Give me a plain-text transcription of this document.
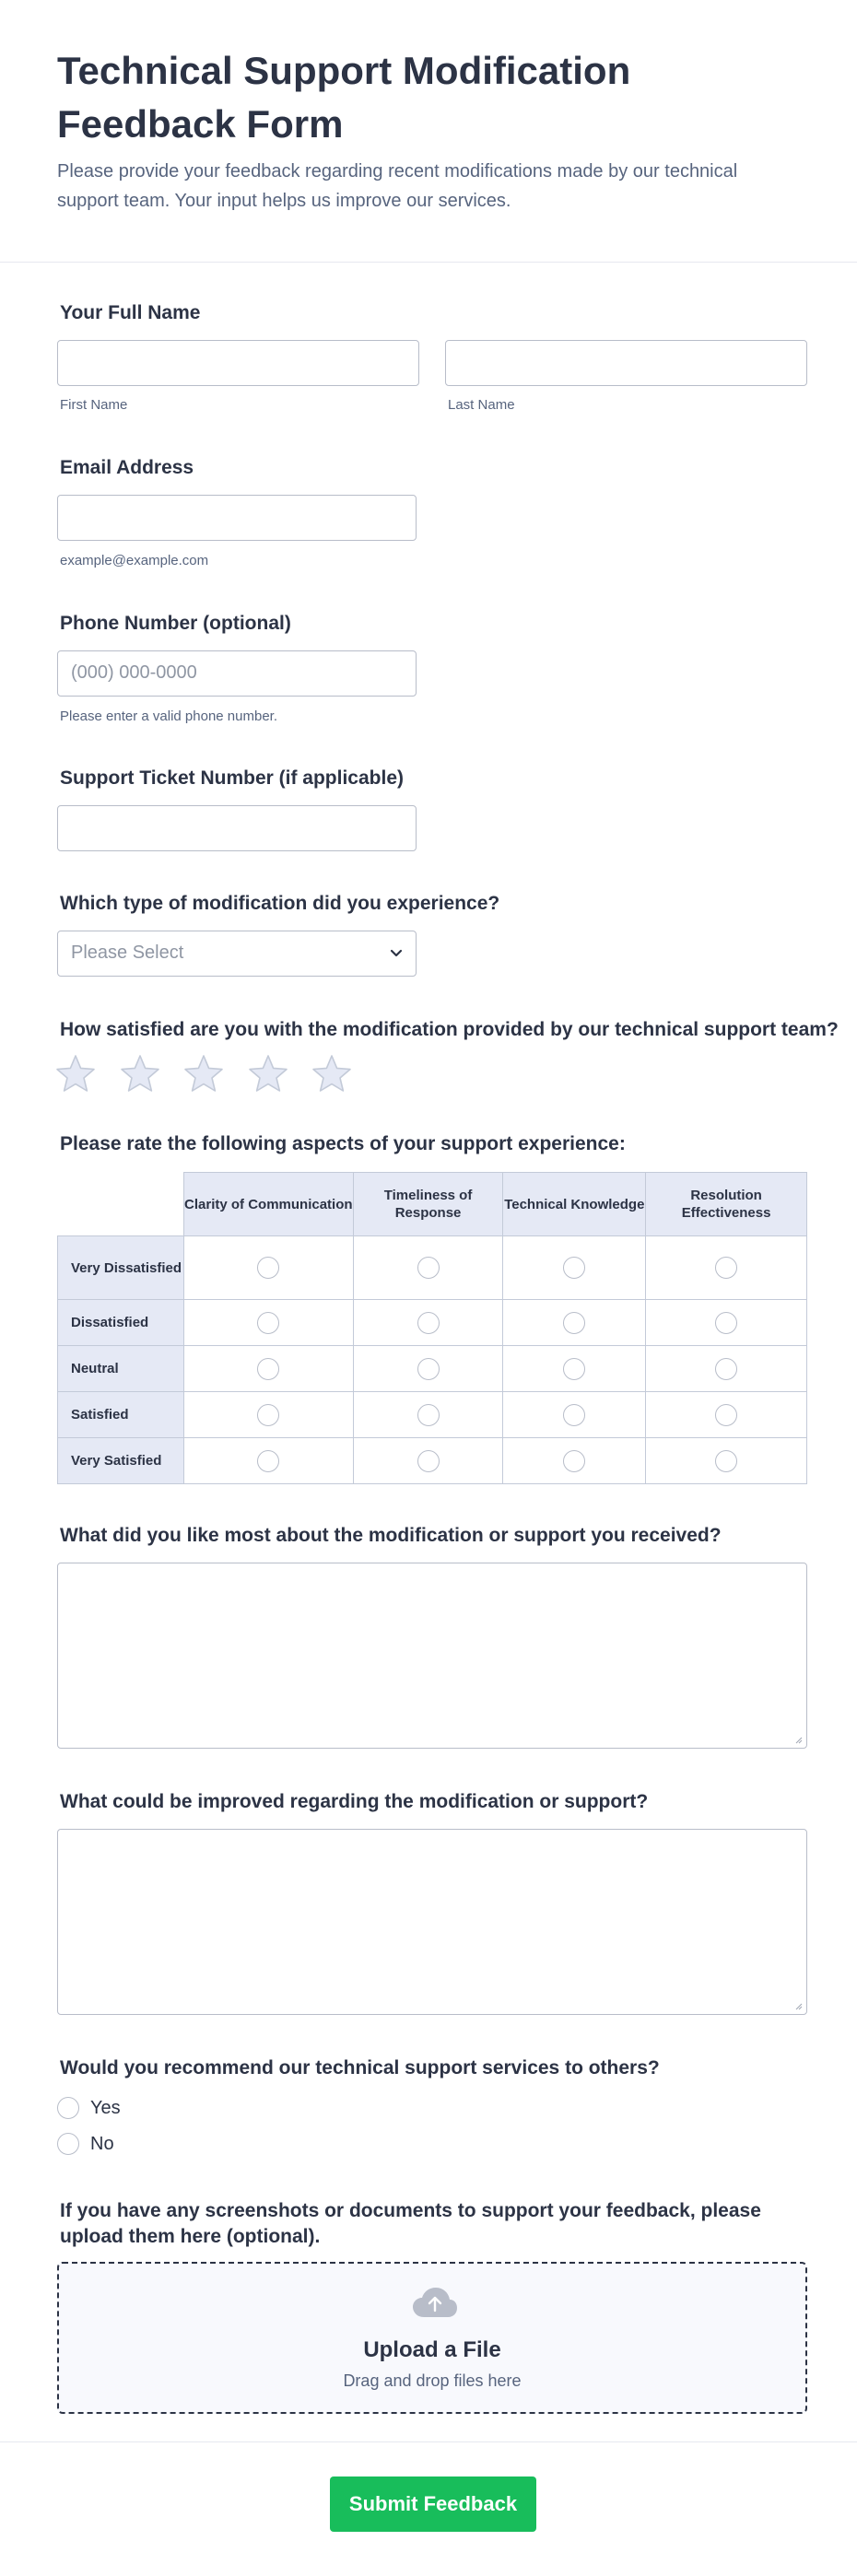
Technical Support Modification Feedback Form

Please provide your feedback regarding recent modifications made by our technical support team. Your input helps us improve our services.

Your Full Name
First Name	Last Name
Email Address
example@example.com
Phone Number (optional)
(000) 000-0000
Please enter a valid phone number.
Support Ticket Number (if applicable)
Which type of modification did you experience?
Please Select
How satisfied are you with the modification provided by our technical support team?
Please rate the following aspects of your support experience:
	Clarity of Communication	Timeliness of Response	Technical Knowledge	Resolution Effectiveness
Very Dissatisfied				
Dissatisfied				
Neutral				
Satisfied				
Very Satisfied				
What did you like most about the modification or support you received?
What could be improved regarding the modification or support?
Would you recommend our technical support services to others?
Yes
No
If you have any screenshots or documents to support your feedback, please upload them here (optional).
Upload a File
Drag and drop files here
Submit Feedback
